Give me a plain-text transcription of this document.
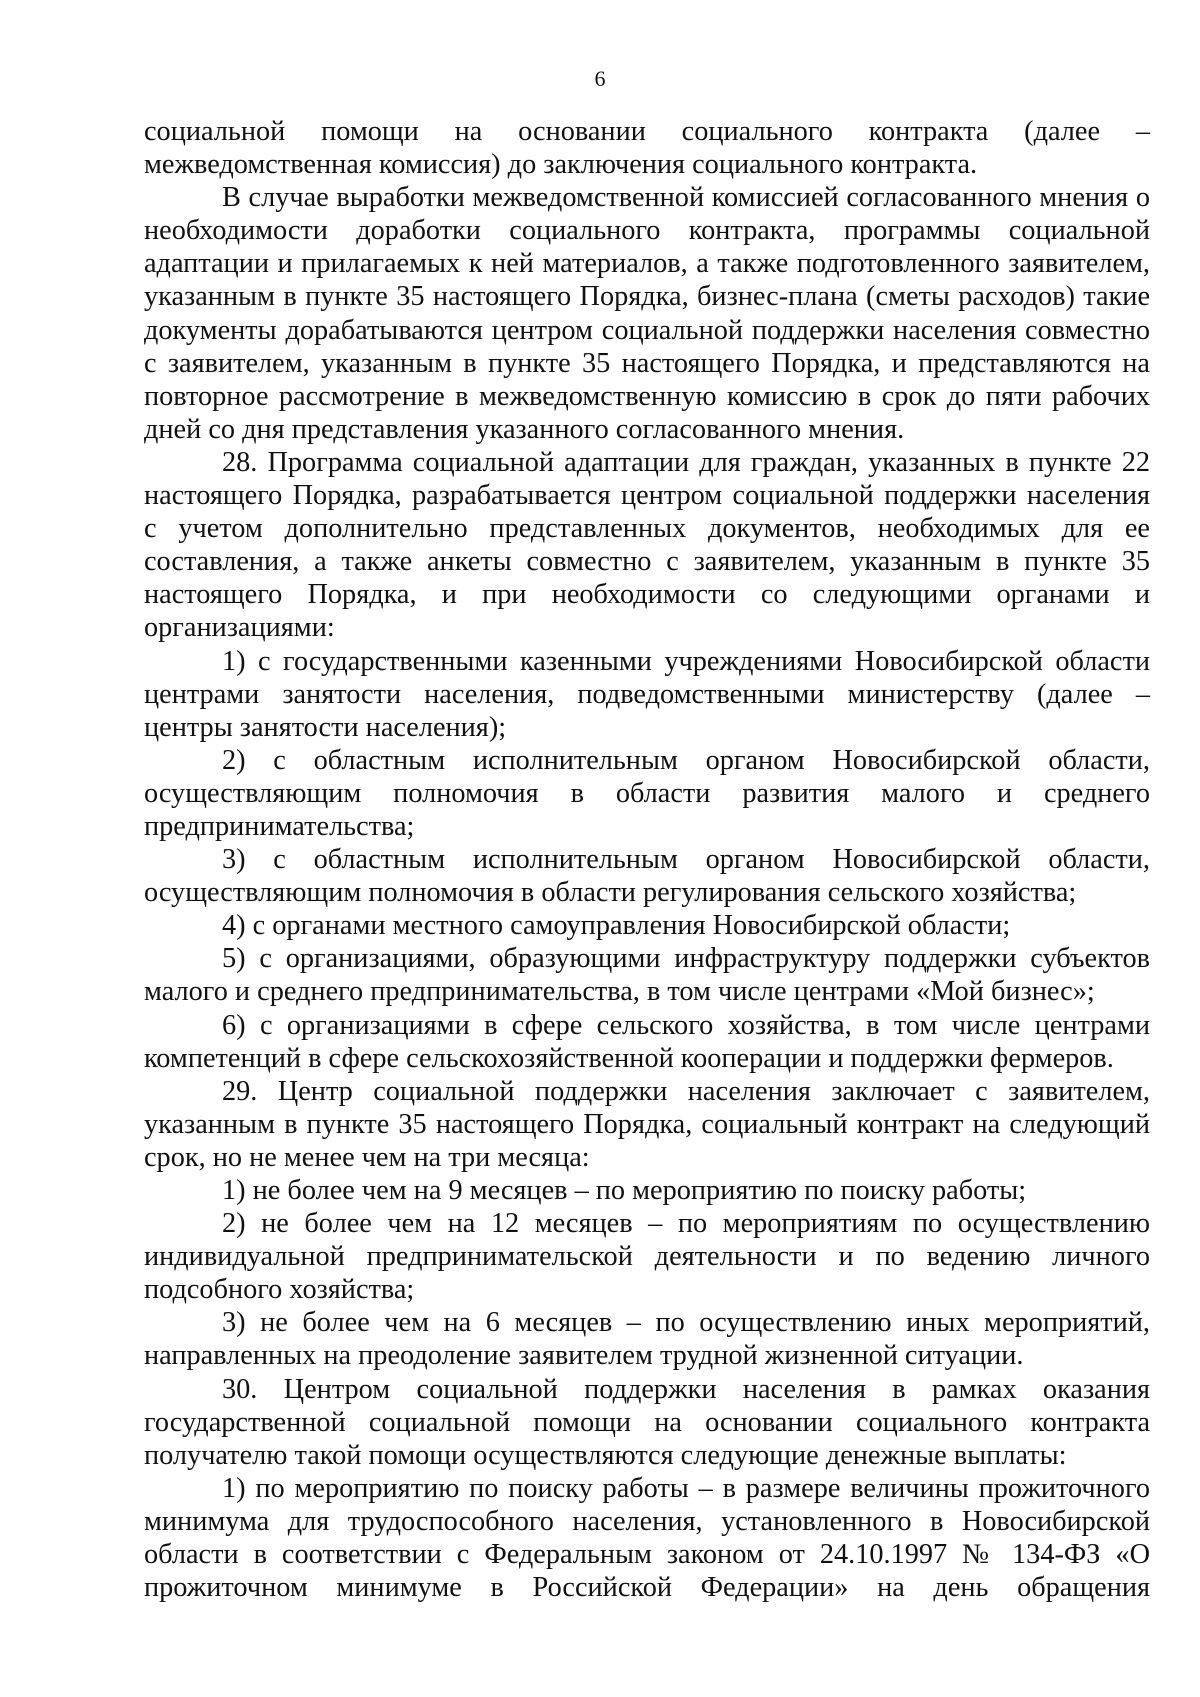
6

социальной помощи на основании социального контракта (далее – межведомственная комиссия) до заключения социального контракта.

В случае выработки межведомственной комиссией согласованного мнения о необходимости доработки социального контракта, программы социальной адаптации и прилагаемых к ней материалов, а также подготовленного заявителем, указанным в пункте 35 настоящего Порядка, бизнес-плана (сметы расходов) такие документы дорабатываются центром социальной поддержки населения совместно с заявителем, указанным в пункте 35 настоящего Порядка, и представляются на повторное рассмотрение в межведомственную комиссию в срок до пяти рабочих дней со дня представления указанного согласованного мнения.

28. Программа социальной адаптации для граждан, указанных в пункте 22 настоящего Порядка, разрабатывается центром социальной поддержки населения с учетом дополнительно представленных документов, необходимых для ее составления, а также анкеты совместно с заявителем, указанным в пункте 35 настоящего Порядка, и при необходимости со следующими органами и организациями:

1) с государственными казенными учреждениями Новосибирской области центрами занятости населения, подведомственными министерству (далее – центры занятости населения);

2) с областным исполнительным органом Новосибирской области, осуществляющим полномочия в области развития малого и среднего предпринимательства;

3) с областным исполнительным органом Новосибирской области, осуществляющим полномочия в области регулирования сельского хозяйства;

4) с органами местного самоуправления Новосибирской области;

5) с организациями, образующими инфраструктуру поддержки субъектов малого и среднего предпринимательства, в том числе центрами «Мой бизнес»;

6) с организациями в сфере сельского хозяйства, в том числе центрами компетенций в сфере сельскохозяйственной кооперации и поддержки фермеров.

29. Центр социальной поддержки населения заключает с заявителем, указанным в пункте 35 настоящего Порядка, социальный контракт на следующий срок, но не менее чем на три месяца:

1) не более чем на 9 месяцев – по мероприятию по поиску работы;

2) не более чем на 12 месяцев – по мероприятиям по осуществлению индивидуальной предпринимательской деятельности и по ведению личного подсобного хозяйства;

3) не более чем на 6 месяцев – по осуществлению иных мероприятий, направленных на преодоление заявителем трудной жизненной ситуации.

30. Центром социальной поддержки населения в рамках оказания государственной социальной помощи на основании социального контракта получателю такой помощи осуществляются следующие денежные выплаты:

1) по мероприятию по поиску работы – в размере величины прожиточного минимума для трудоспособного населения, установленного в Новосибирской области в соответствии с Федеральным законом от 24.10.1997 № 134-ФЗ «О прожиточном минимуме в Российской Федерации» на день обращения
